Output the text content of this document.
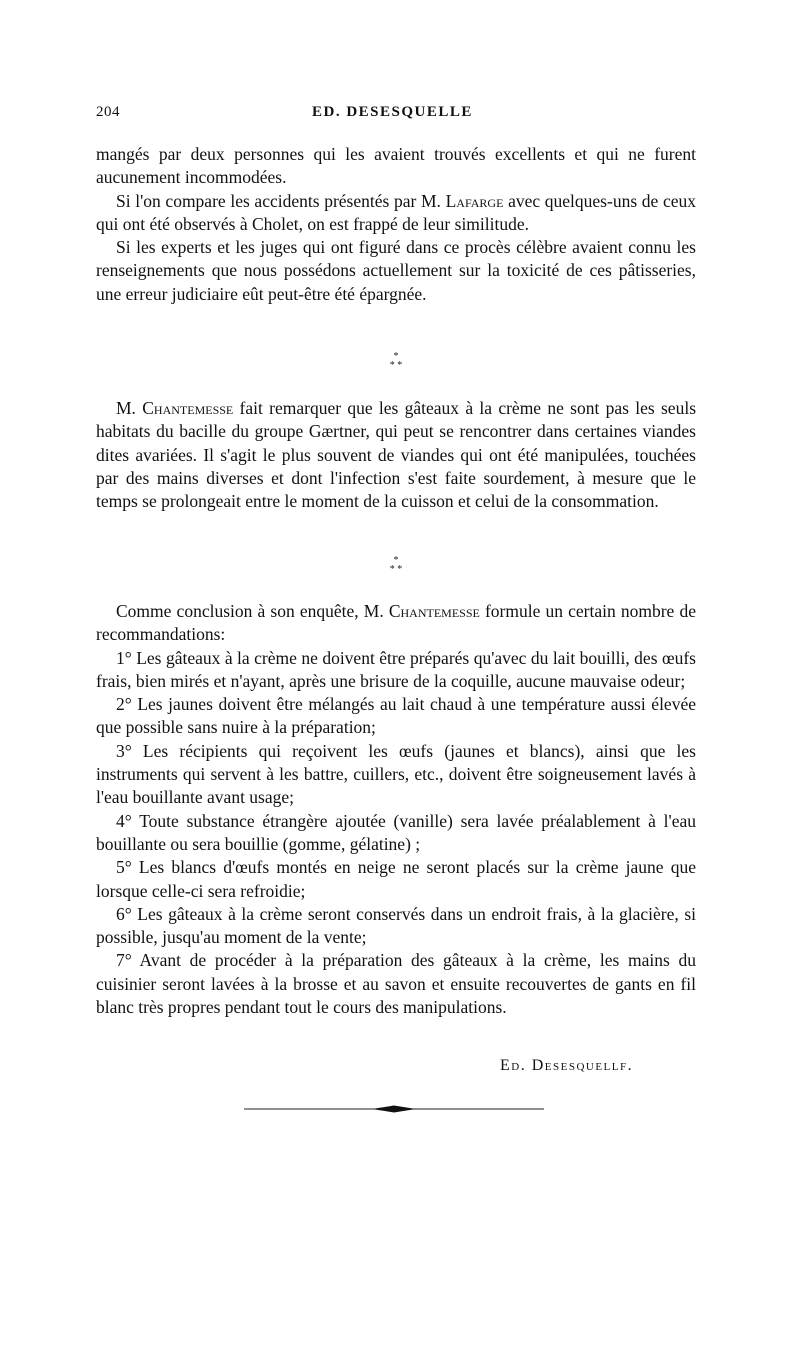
204	ED. DESESQUELLE

mangés par deux personnes qui les avaient trouvés excellents et qui ne furent aucunement incommodées.

Si l'on compare les accidents présentés par M. Lafarge avec quelques-uns de ceux qui ont été observés à Cholet, on est frappé de leur similitude.

Si les experts et les juges qui ont figuré dans ce procès célèbre avaient connu les renseignements que nous possédons actuellement sur la toxicité de ces pâtisseries, une erreur judiciaire eût peut-être été épargnée.

*
* *

M. Chantemesse fait remarquer que les gâteaux à la crème ne sont pas les seuls habitats du bacille du groupe Gærtner, qui peut se rencontrer dans certaines viandes dites avariées. Il s'agit le plus souvent de viandes qui ont été manipulées, touchées par des mains diverses et dont l'infection s'est faite sourdement, à mesure que le temps se prolongeait entre le moment de la cuisson et celui de la consommation.

*
* *

Comme conclusion à son enquête, M. Chantemesse formule un certain nombre de recommandations:

1° Les gâteaux à la crème ne doivent être préparés qu'avec du lait bouilli, des œufs frais, bien mirés et n'ayant, après une brisure de la coquille, aucune mauvaise odeur;

2° Les jaunes doivent être mélangés au lait chaud à une température aussi élevée que possible sans nuire à la préparation;

3° Les récipients qui reçoivent les œufs (jaunes et blancs), ainsi que les instruments qui servent à les battre, cuillers, etc., doivent être soigneusement lavés à l'eau bouillante avant usage;

4° Toute substance étrangère ajoutée (vanille) sera lavée préalablement à l'eau bouillante ou sera bouillie (gomme, gélatine) ;

5° Les blancs d'œufs montés en neige ne seront placés sur la crème jaune que lorsque celle-ci sera refroidie;

6° Les gâteaux à la crème seront conservés dans un endroit frais, à la glacière, si possible, jusqu'au moment de la vente;

7° Avant de procéder à la préparation des gâteaux à la crème, les mains du cuisinier seront lavées à la brosse et au savon et ensuite recouvertes de gants en fil blanc très propres pendant tout le cours des manipulations.

Ed. Desesquellf.
